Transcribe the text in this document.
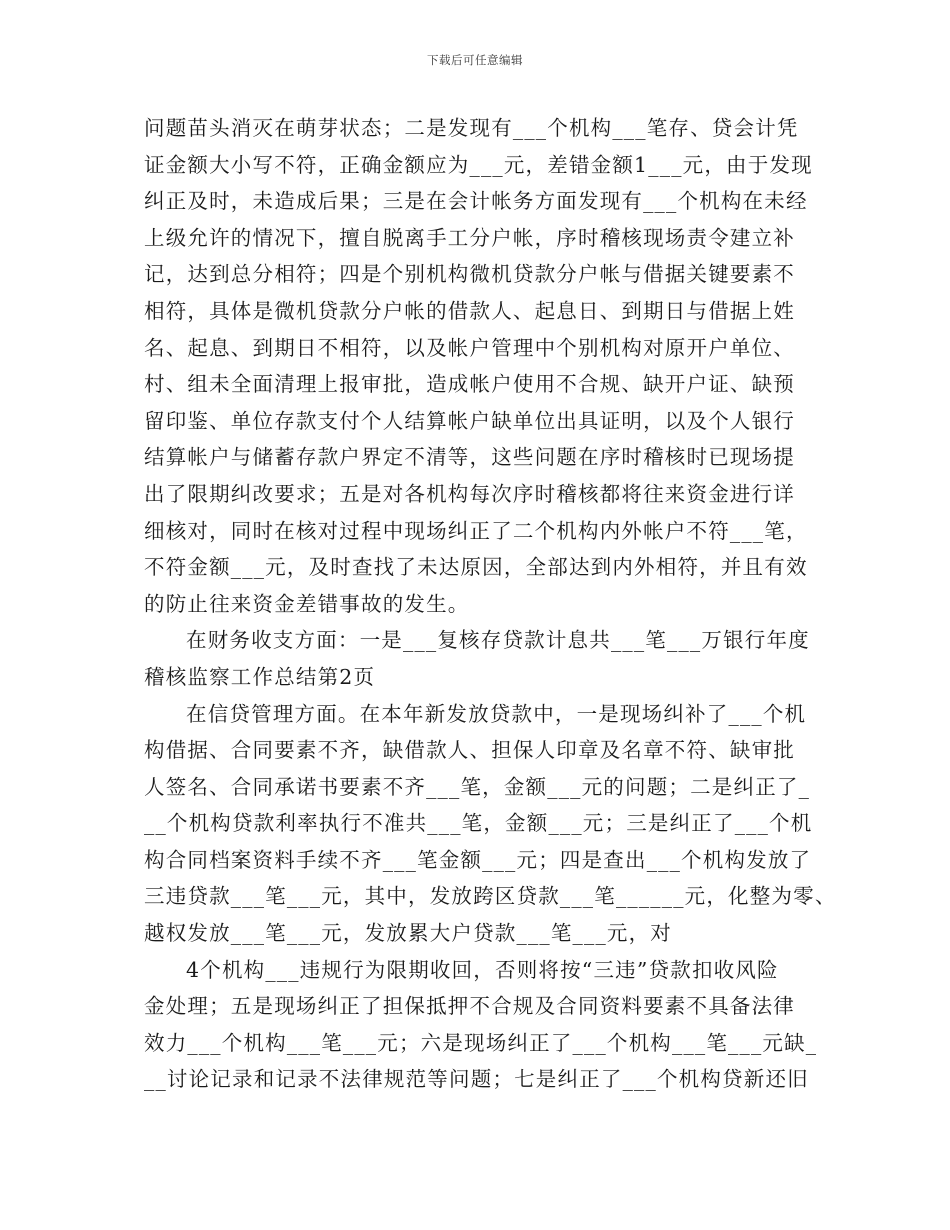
下载后可任意编辑
问题苗头消灭在萌芽状态；二是发现有___个机构___笔存、贷会计凭
证金额大小写不符，正确金额应为___元，差错金额1___元，由于发现
纠正及时，未造成后果；三是在会计帐务方面发现有___个机构在未经
上级允许的情况下，擅自脱离手工分户帐，序时稽核现场责令建立补
记，达到总分相符；四是个别机构微机贷款分户帐与借据关键要素不
相符，具体是微机贷款分户帐的借款人、起息日、到期日与借据上姓
名、起息、到期日不相符，以及帐户管理中个别机构对原开户单位、
村、组未全面清理上报审批，造成帐户使用不合规、缺开户证、缺预
留印鉴、单位存款支付个人结算帐户缺单位出具证明，以及个人银行
结算帐户与储蓄存款户界定不清等，这些问题在序时稽核时已现场提
出了限期纠改要求；五是对各机构每次序时稽核都将往来资金进行详
细核对，同时在核对过程中现场纠正了二个机构内外帐户不符___笔，
不符金额___元，及时查找了未达原因，全部达到内外相符，并且有效
的防止往来资金差错事故的发生。
在财务收支方面：一是___复核存贷款计息共___笔___万银行年度
稽核监察工作总结第2页
在信贷管理方面。在本年新发放贷款中，一是现场纠补了___个机
构借据、合同要素不齐，缺借款人、担保人印章及名章不符、缺审批
人签名、合同承诺书要素不齐___笔，金额___元的问题；二是纠正了_
__个机构贷款利率执行不准共___笔，金额___元；三是纠正了___个机
构合同档案资料手续不齐___笔金额___元；四是查出___个机构发放了
三违贷款___笔___元，其中，发放跨区贷款___笔______元，化整为零、
越权发放___笔___元，发放累大户贷款___笔___元，对
4个机构___违规行为限期收回，否则将按“三违”贷款扣收风险
金处理；五是现场纠正了担保抵押不合规及合同资料要素不具备法律
效力___个机构___笔___元；六是现场纠正了___个机构___笔___元缺_
__讨论记录和记录不法律规范等问题；七是纠正了___个机构贷新还旧
